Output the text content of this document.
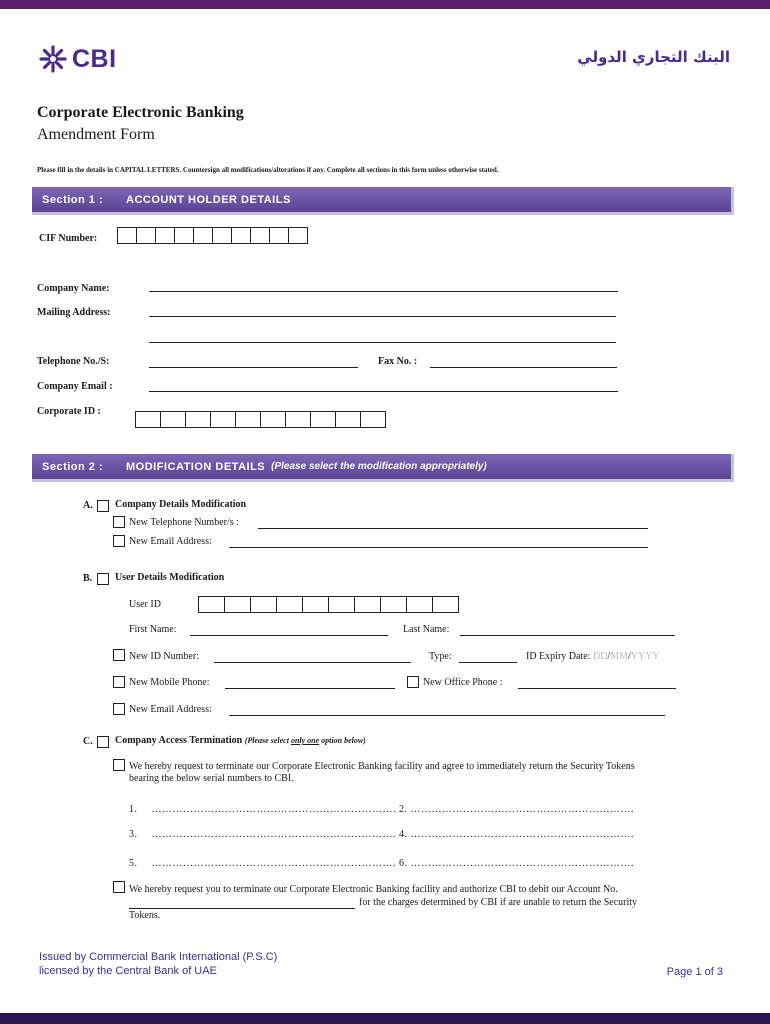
CBI	البنك التجاري الدولي
Corporate Electronic Banking
Amendment Form
Please fill in the details in CAPITAL LETTERS. Countersign all modifications/alterations if any. Complete all sections in this form unless otherwise stated.
Section 1 :	ACCOUNT HOLDER DETAILS
CIF Number:
Company Name:
Mailing Address:
Telephone No./S:	Fax No. :
Company Email :
Corporate ID :
Section 2 :	MODIFICATION DETAILS (Please select the modification appropriately)
A. Company Details Modification
New Telephone Number/s :
New Email Address:
B. User Details Modification
User ID
First Name:	Last Name:
New ID Number:	Type:	ID Expiry Date: DD/MM/YYYY
New Mobile Phone:	New Office Phone :
New Email Address:
C. Company Access Termination (Please select only one option below)
We hereby request to terminate our Corporate Electronic Banking facility and agree to immediately return the Security Tokens
bearing the below serial numbers to CBI.
1. ……………………………………………………………. 2. ……………………………………………………….
3. ……………………………………………………………. 4. ……………………………………………………….
5. ……………………………………………………………. 6. ……………………………………………………….
We hereby request you to terminate our Corporate Electronic Banking facility and authorize CBI to debit our Account No.
for the charges determined by CBI if are unable to return the Security
Tokens.
Issued by Commercial Bank International (P.S.C)
licensed by the Central Bank of UAE	Page 1 of 3
